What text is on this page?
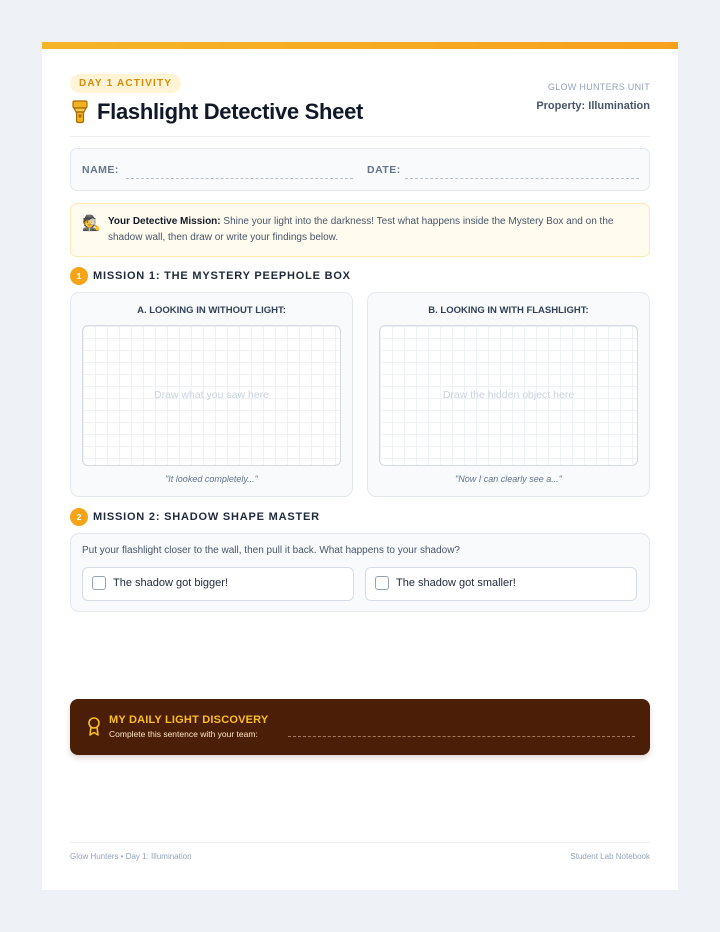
DAY 1 ACTIVITY
Flashlight Detective Sheet
GLOW HUNTERS UNIT
Property: Illumination
NAME:	DATE:
🕵️ Your Detective Mission: Shine your light into the darkness! Test what happens inside the Mystery Box and on the shadow wall, then draw or write your findings below.
1	MISSION 1: THE MYSTERY PEEPHOLE BOX
A. LOOKING IN WITHOUT LIGHT:
Draw what you saw here
"It looked completely..."
B. LOOKING IN WITH FLASHLIGHT:
Draw the hidden object here
"Now I can clearly see a..."
2	MISSION 2: SHADOW SHAPE MASTER
Put your flashlight closer to the wall, then pull it back. What happens to your shadow?
The shadow got bigger!	The shadow got smaller!
MY DAILY LIGHT DISCOVERY
Complete this sentence with your team:
Glow Hunters • Day 1: Illumination	Student Lab Notebook
